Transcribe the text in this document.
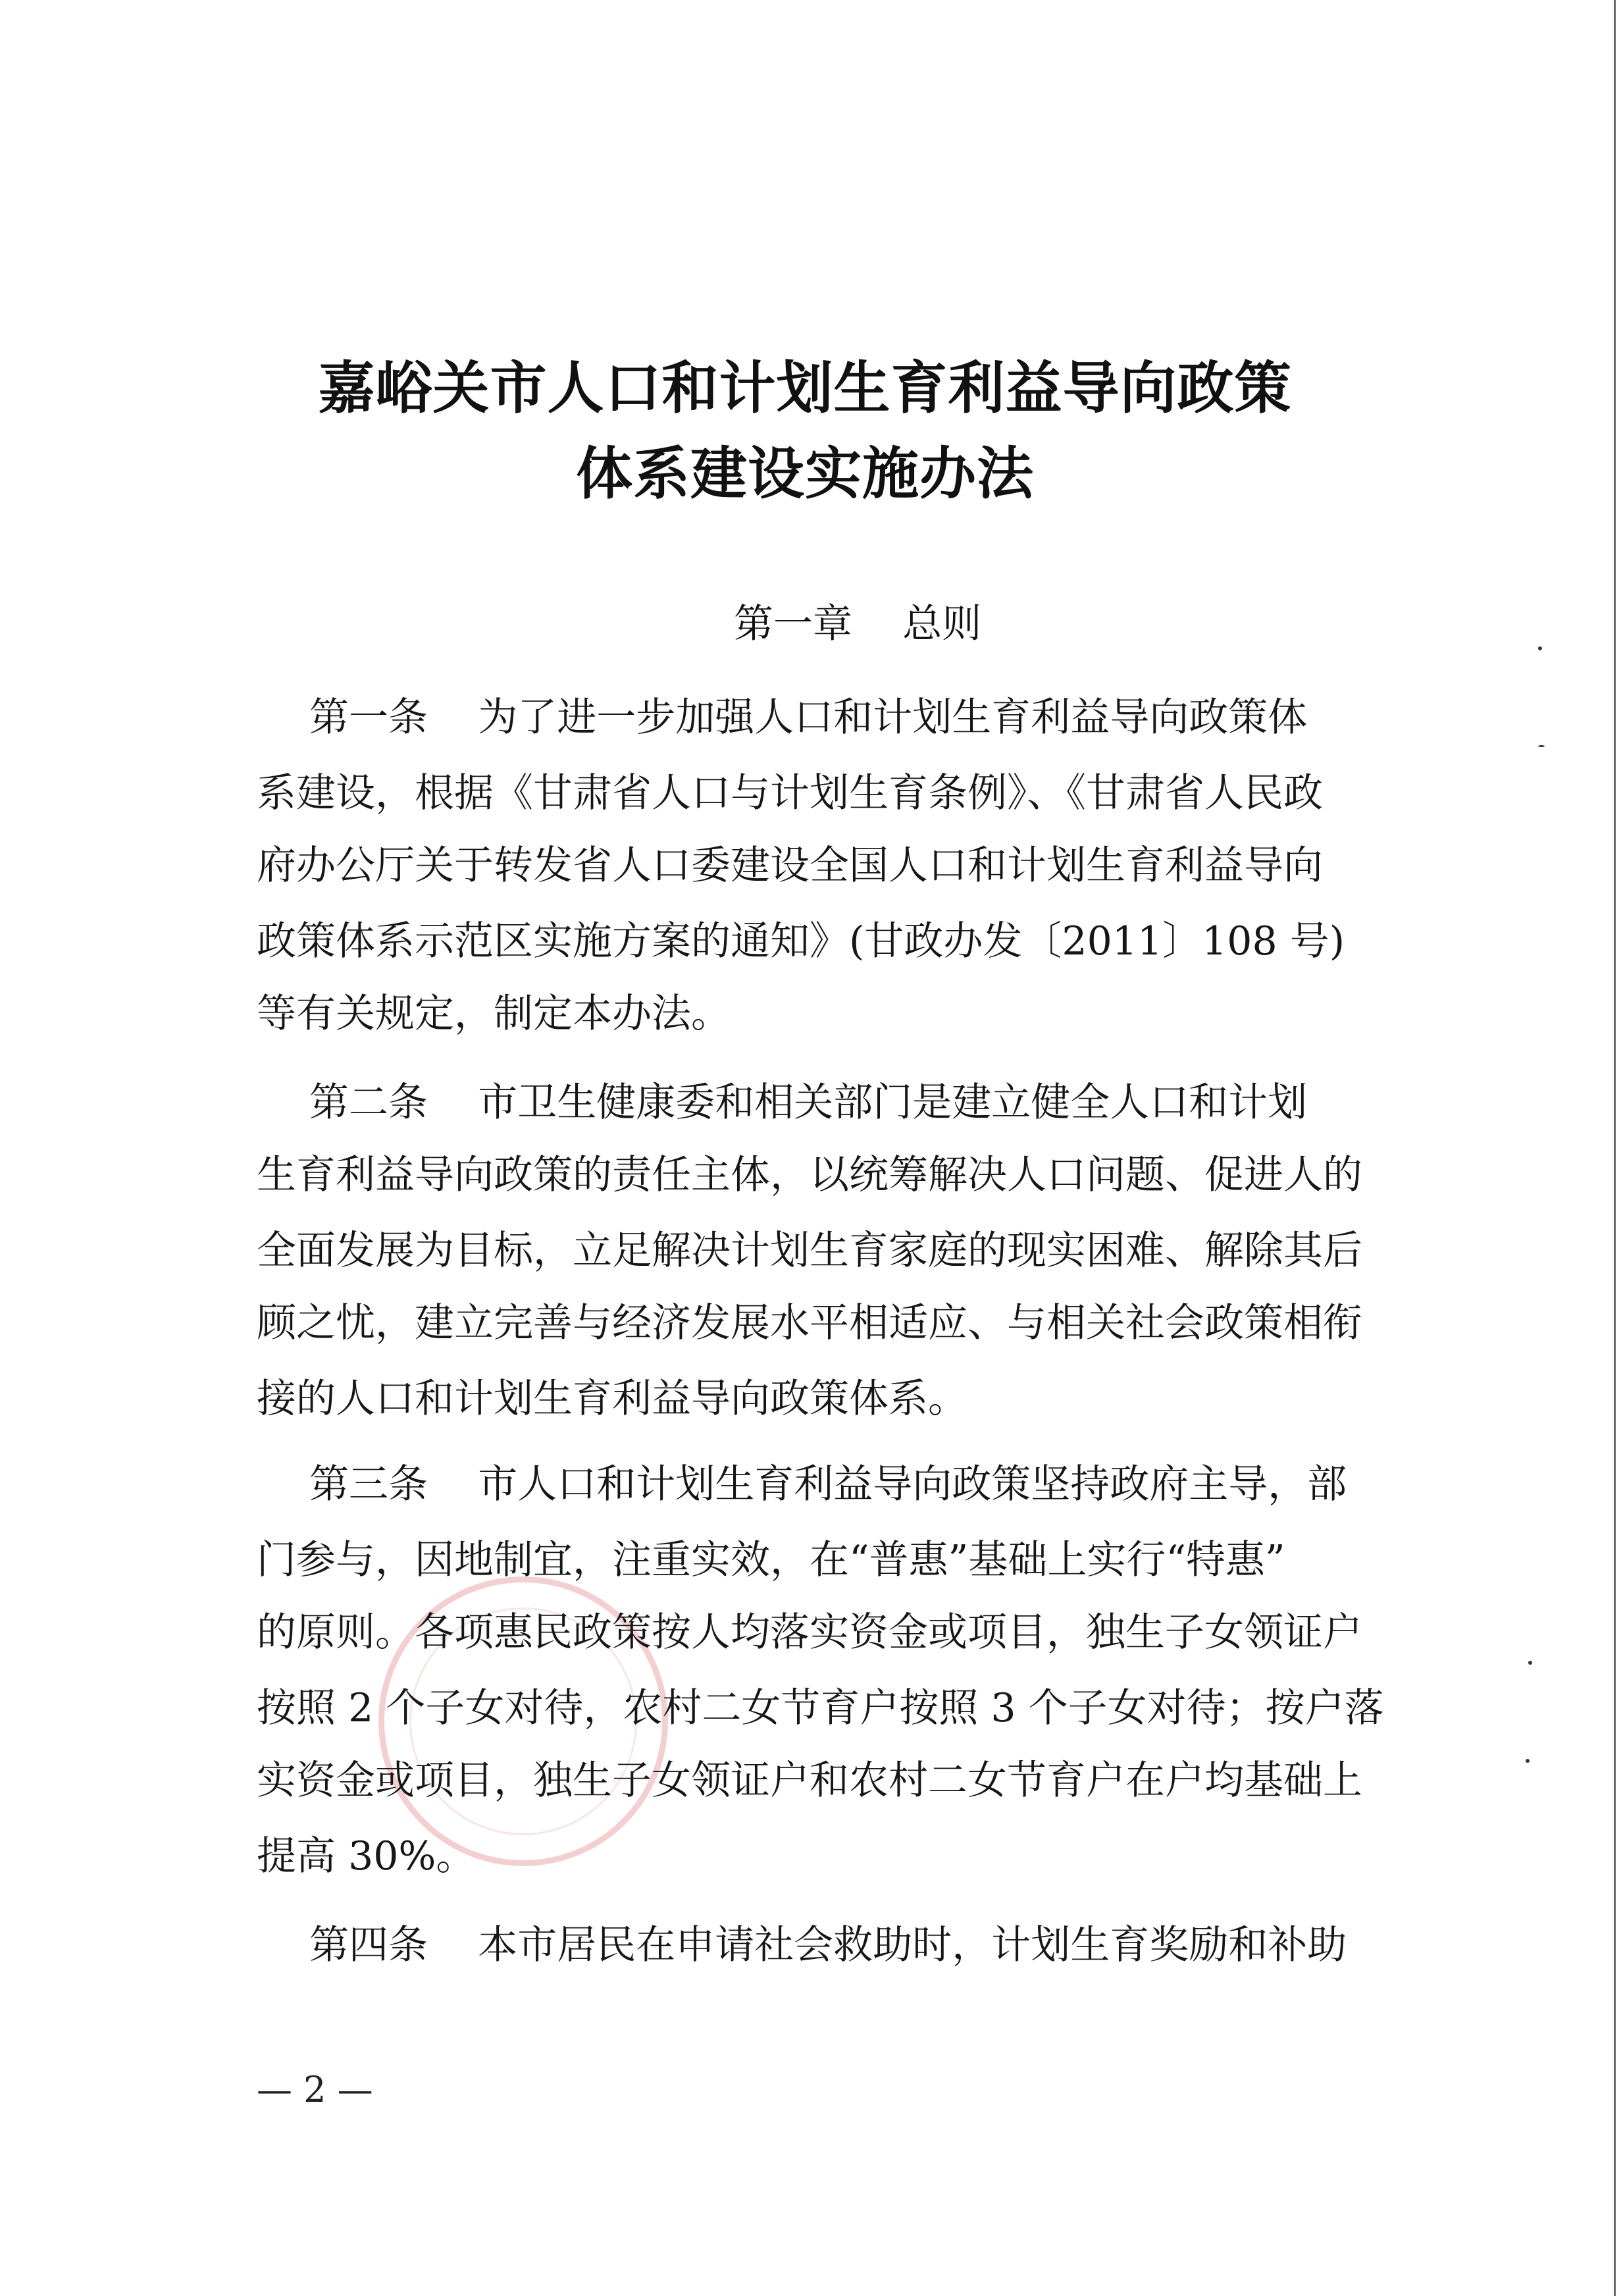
嘉峪关市人口和计划生育利益导向政策
体系建设实施办法
第一章    总则
第一条    为了进一步加强人口和计划生育利益导向政策体
系建设，根据《甘肃省人口与计划生育条例》、《甘肃省人民政
府办公厅关于转发省人口委建设全国人口和计划生育利益导向
政策体系示范区实施方案的通知》(甘政办发〔2011〕108 号)
等有关规定，制定本办法。
第二条    市卫生健康委和相关部门是建立健全人口和计划
生育利益导向政策的责任主体，以统筹解决人口问题、促进人的
全面发展为目标，立足解决计划生育家庭的现实困难、解除其后
顾之忧，建立完善与经济发展水平相适应、与相关社会政策相衔
接的人口和计划生育利益导向政策体系。
第三条    市人口和计划生育利益导向政策坚持政府主导，部
门参与，因地制宜，注重实效，在“普惠”基础上实行“特惠”
的原则。各项惠民政策按人均落实资金或项目，独生子女领证户
按照 2 个子女对待，农村二女节育户按照 3 个子女对待；按户落
实资金或项目，独生子女领证户和农村二女节育户在户均基础上
提高 30%。
第四条    本市居民在申请社会救助时，计划生育奖励和补助
— 2 —
